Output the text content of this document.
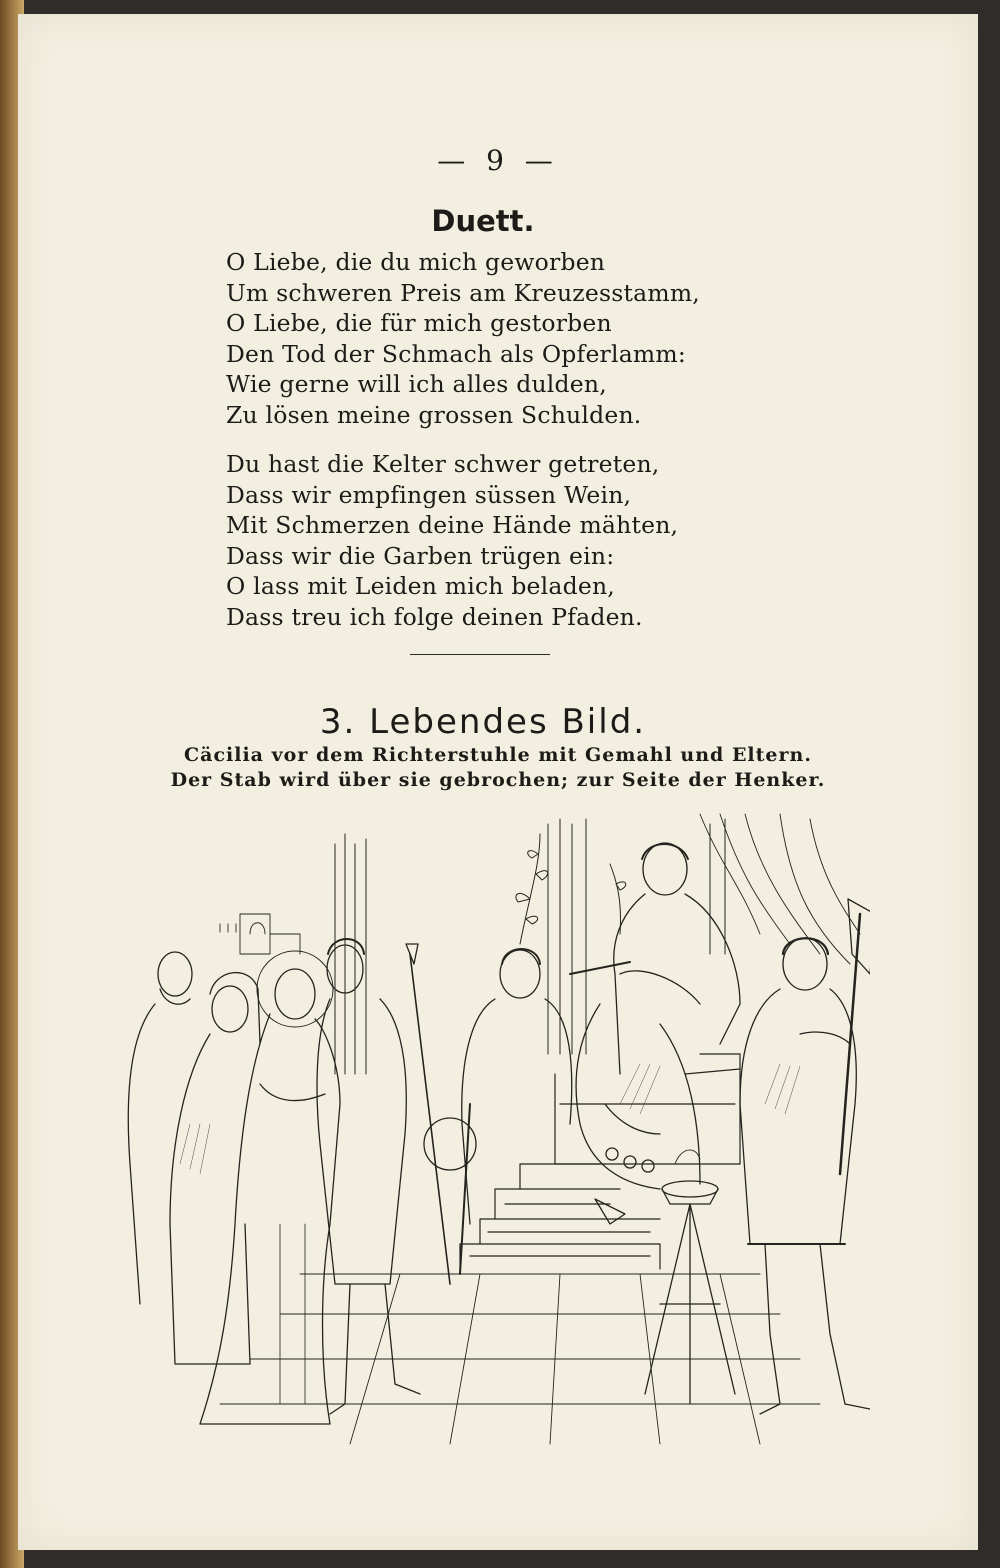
— 9 —
Duett.
O Liebe, die du mich geworben
Um schweren Preis am Kreuzesstamm,
O Liebe, die für mich gestorben
Den Tod der Schmach als Opferlamm:
Wie gerne will ich alles dulden,
Zu lösen meine grossen Schulden.
Du hast die Kelter schwer getreten,
Dass wir empfingen süssen Wein,
Mit Schmerzen deine Hände mähten,
Dass wir die Garben trügen ein:
O lass mit Leiden mich beladen,
Dass treu ich folge deinen Pfaden.
3. Lebendes Bild.
Cäcilia vor dem Richterstuhle mit Gemahl und Eltern.
Der Stab wird über sie gebrochen; zur Seite der Henker.
